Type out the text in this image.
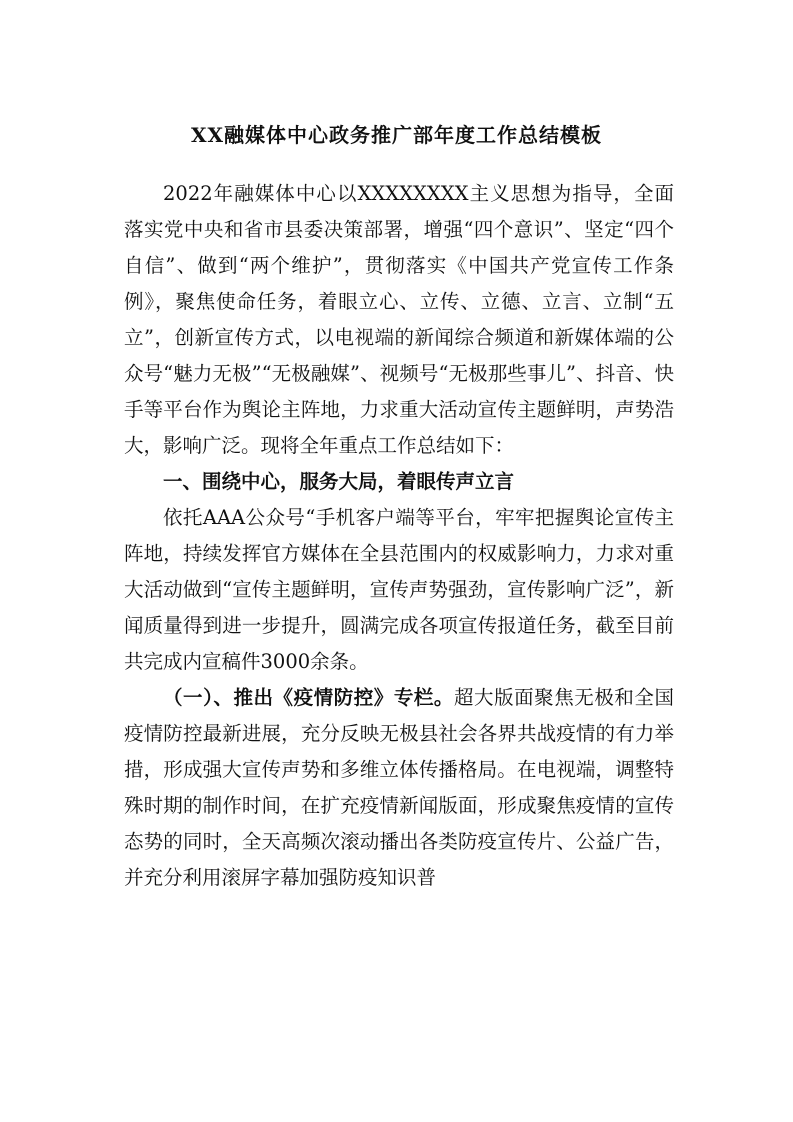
XX融媒体中心政务推广部年度工作总结模板

2022年融媒体中心以XXXXXXXX主义思想为指导，全面落实党中央和省市县委决策部署，增强“四个意识”、坚定“四个自信”、做到“两个维护”，贯彻落实《中国共产党宣传工作条例》，聚焦使命任务，着眼立心、立传、立德、立言、立制“五立”，创新宣传方式，以电视端的新闻综合频道和新媒体端的公众号“魅力无极”“无极融媒”、视频号“无极那些事儿”、抖音、快手等平台作为舆论主阵地，力求重大活动宣传主题鲜明，声势浩大，影响广泛。现将全年重点工作总结如下：

一、围绕中心，服务大局，着眼传声立言

依托AAA公众号“手机客户端等平台，牢牢把握舆论宣传主阵地，持续发挥官方媒体在全县范围内的权威影响力，力求对重大活动做到“宣传主题鲜明，宣传声势强劲，宣传影响广泛”，新闻质量得到进一步提升，圆满完成各项宣传报道任务，截至目前共完成内宣稿件3000余条。

（一）、推出《疫情防控》专栏。超大版面聚焦无极和全国疫情防控最新进展，充分反映无极县社会各界共战疫情的有力举措，形成强大宣传声势和多维立体传播格局。在电视端，调整特殊时期的制作时间，在扩充疫情新闻版面，形成聚焦疫情的宣传态势的同时，全天高频次滚动播出各类防疫宣传片、公益广告，并充分利用滚屏字幕加强防疫知识普
